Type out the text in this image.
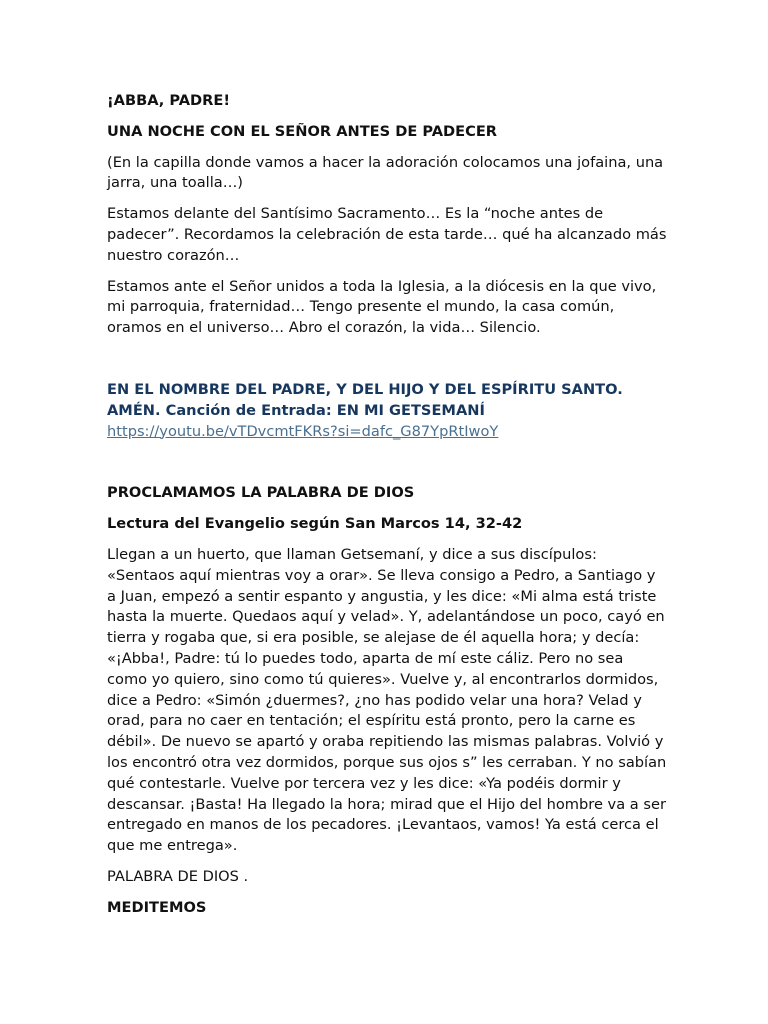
¡ABBA, PADRE!

UNA NOCHE CON EL SEÑOR ANTES DE PADECER

(En la capilla donde vamos a hacer la adoración colocamos una jofaina, una jarra, una toalla…)

Estamos delante del Santísimo Sacramento… Es la “noche antes de padecer”. Recordamos la celebración de esta tarde… qué ha alcanzado más nuestro corazón…

Estamos ante el Señor unidos a toda la Iglesia, a la diócesis en la que vivo, mi parroquia, fraternidad… Tengo presente el mundo, la casa común, oramos en el universo… Abro el corazón, la vida… Silencio.

EN EL NOMBRE DEL PADRE, Y DEL HIJO Y DEL ESPÍRITU SANTO. AMÉN. Canción de Entrada: EN MI GETSEMANÍ

https://youtu.be/vTDvcmtFKRs?si=dafc_G87YpRtIwoY

PROCLAMAMOS LA PALABRA DE DIOS

Lectura del Evangelio según San Marcos 14, 32-42

Llegan a un huerto, que llaman Getsemaní, y dice a sus discípulos: «Sentaos aquí mientras voy a orar». Se lleva consigo a Pedro, a Santiago y a Juan, empezó a sentir espanto y angustia, y les dice: «Mi alma está triste hasta la muerte. Quedaos aquí y velad». Y, adelantándose un poco, cayó en tierra y rogaba que, si era posible, se alejase de él aquella hora; y decía: «¡Abba!, Padre: tú lo puedes todo, aparta de mí este cáliz. Pero no sea como yo quiero, sino como tú quieres». Vuelve y, al encontrarlos dormidos, dice a Pedro: «Simón ¿duermes?, ¿no has podido velar una hora? Velad y orad, para no caer en tentación; el espíritu está pronto, pero la carne es débil». De nuevo se apartó y oraba repitiendo las mismas palabras. Volvió y los encontró otra vez dormidos, porque sus ojos s” les cerraban. Y no sabían qué contestarle. Vuelve por tercera vez y les dice: «Ya podéis dormir y descansar. ¡Basta! Ha llegado la hora; mirad que el Hijo del hombre va a ser entregado en manos de los pecadores. ¡Levantaos, vamos! Ya está cerca el que me entrega».

PALABRA DE DIOS .

MEDITEMOS
